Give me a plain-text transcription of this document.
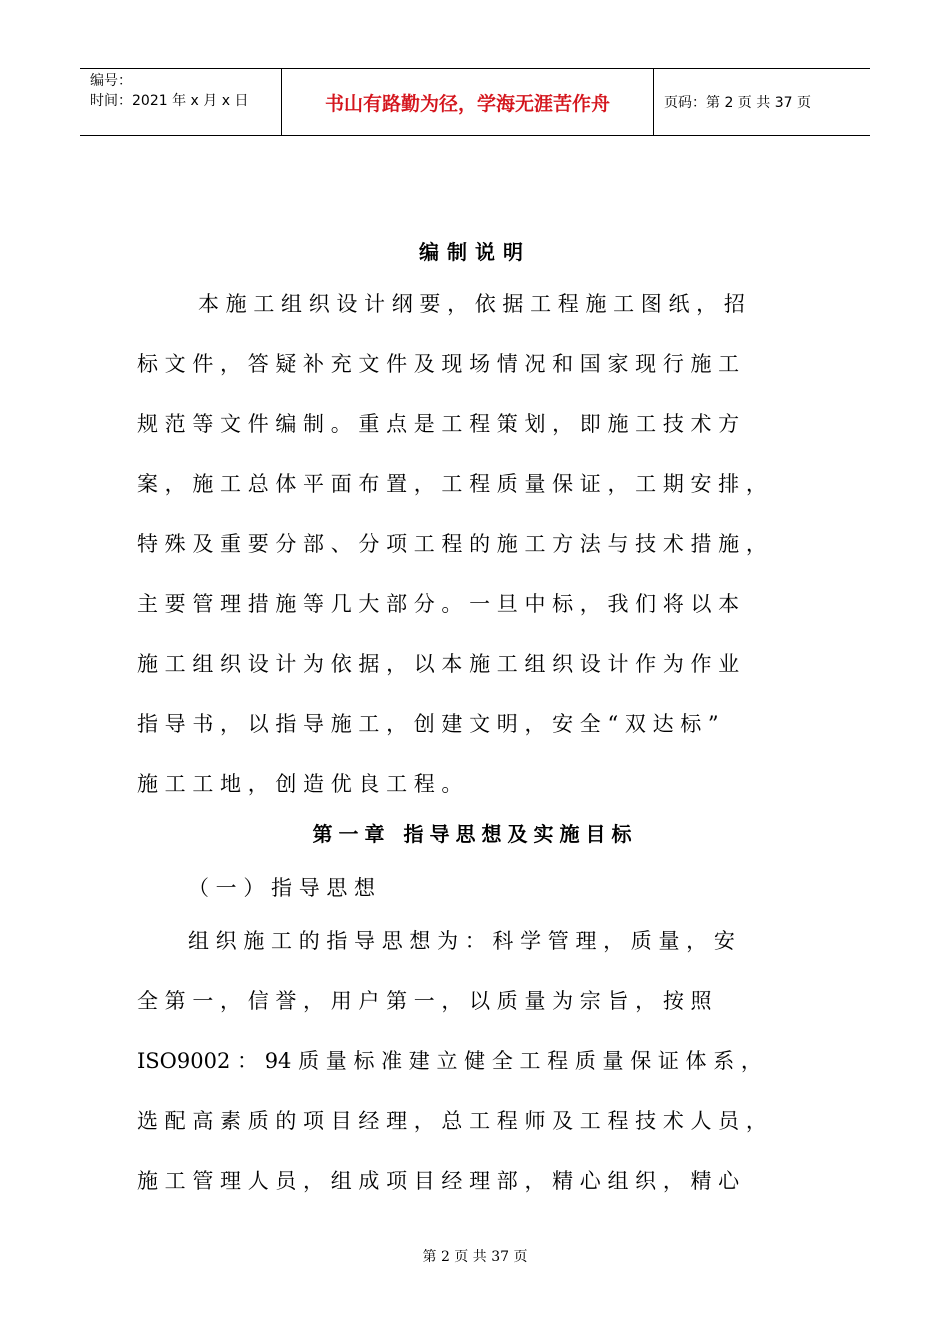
编号：
时间：2021 年 x 月 x 日	书山有路勤为径，学海无涯苦作舟	页码：第 2 页 共 37 页
编制说明
本 施 工 组 织 设 计 纲 要 ， 依 据 工 程 施 工 图 纸 ， 招
标 文 件 ， 答 疑 补 充 文 件 及 现 场 情 况 和 国 家 现 行 施 工
规 范 等 文 件 编 制 。 重 点 是 工 程 策 划 ， 即 施 工 技 术 方
案 ， 施 工 总 体 平 面 布 置 ， 工 程 质 量 保 证 ， 工 期 安 排 ，
特 殊 及 重 要 分 部 、 分 项 工 程 的 施 工 方 法 与 技 术 措 施 ，
主 要 管 理 措 施 等 几 大 部 分 。 一 旦 中 标 ， 我 们 将 以 本
施 工 组 织 设 计 为 依 据 ， 以 本 施 工 组 织 设 计 作 为 作 业
指 导 书 ， 以 指 导 施 工 ， 创 建 文 明 ， 安 全 “ 双 达 标 ”
施 工 工 地 ， 创 造 优 良 工 程 。
第一章 指导思想及实施目标
（ 一 ） 指 导 思 想
组 织 施 工 的 指 导 思 想 为 ： 科 学 管 理 ， 质 量 ， 安
全 第 一 ， 信 誉 ， 用 户 第 一 ， 以 质 量 为 宗 旨 ， 按 照
ISO9002 ： 94 质 量 标 准 建 立 健 全 工 程 质 量 保 证 体 系 ，
选 配 高 素 质 的 项 目 经 理 ， 总 工 程 师 及 工 程 技 术 人 员 ，
施 工 管 理 人 员 ， 组 成 项 目 经 理 部 ， 精 心 组 织 ， 精 心
第 2 页 共 37 页
